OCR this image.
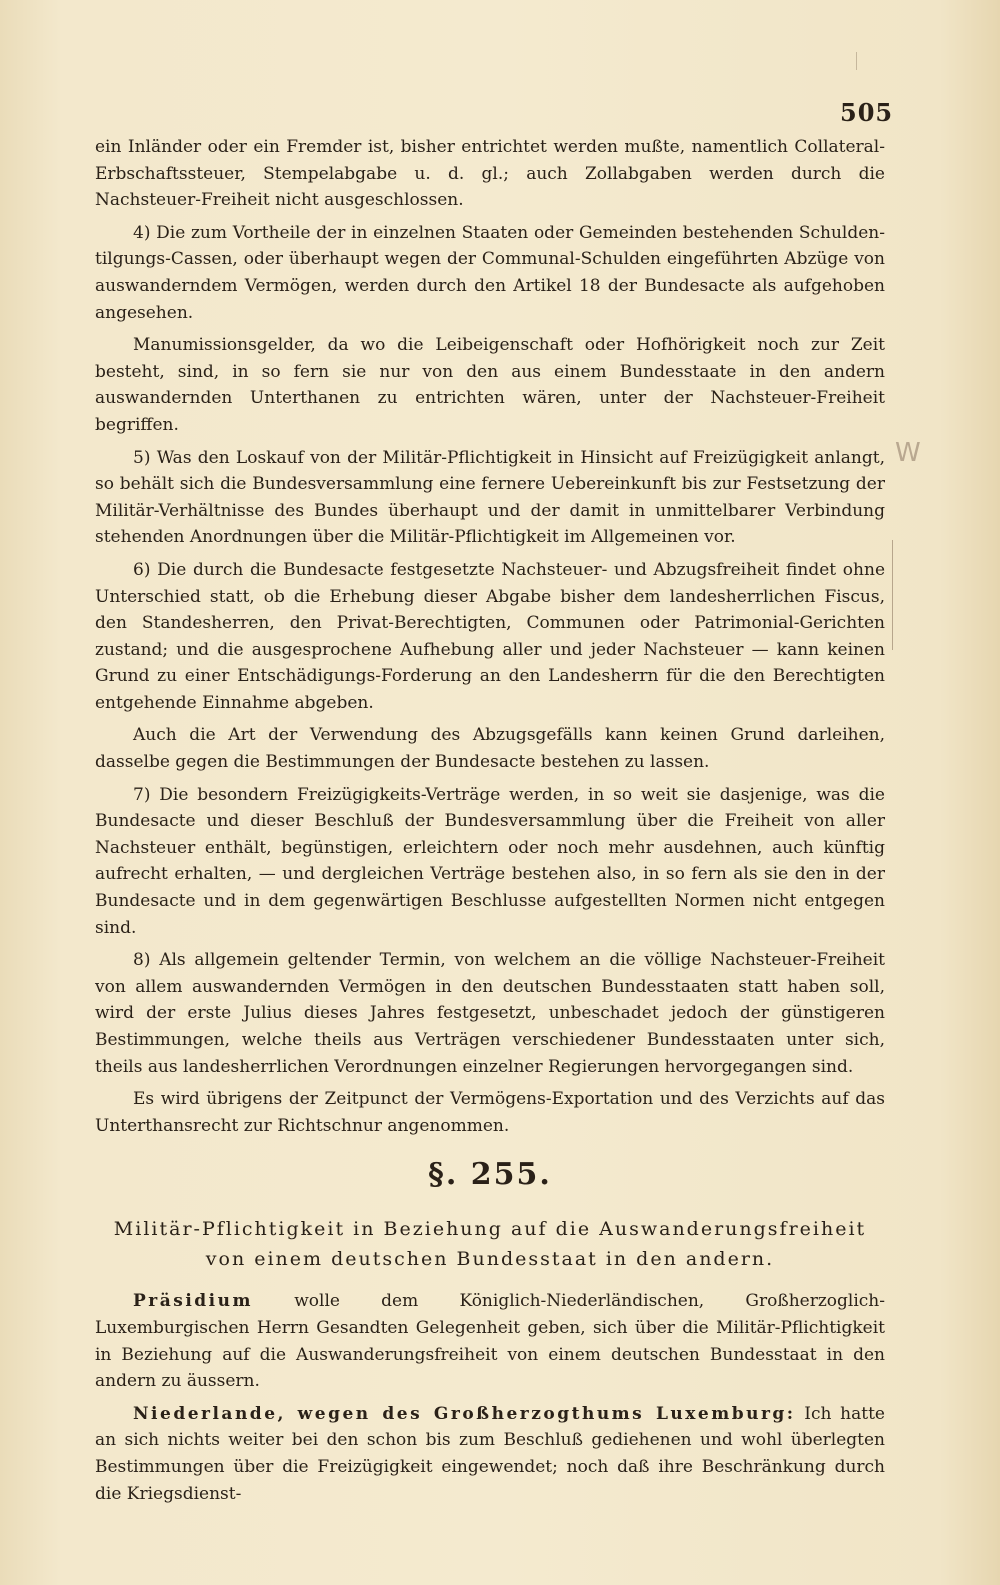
505
W

ein Inländer oder ein Fremder ist, bisher entrichtet werden mußte, namentlich Collateral-Erbschaftssteuer, Stempelabgabe u. d. gl.; auch Zollabgaben werden durch die Nachsteuer-Freiheit nicht ausgeschlossen.

4) Die zum Vortheile der in einzelnen Staaten oder Gemeinden bestehenden Schulden-tilgungs-Cassen, oder überhaupt wegen der Communal-Schulden eingeführten Abzüge von auswanderndem Vermögen, werden durch den Artikel 18 der Bundesacte als aufgehoben angesehen.

Manumissionsgelder, da wo die Leibeigenschaft oder Hofhörigkeit noch zur Zeit besteht, sind, in so fern sie nur von den aus einem Bundesstaate in den andern auswandernden Unterthanen zu entrichten wären, unter der Nachsteuer-Freiheit begriffen.

5) Was den Loskauf von der Militär-Pflichtigkeit in Hinsicht auf Freizügigkeit anlangt, so behält sich die Bundesversammlung eine fernere Uebereinkunft bis zur Festsetzung der Militär-Verhältnisse des Bundes überhaupt und der damit in unmittelbarer Verbindung stehenden Anordnungen über die Militär-Pflichtigkeit im Allgemeinen vor.

6) Die durch die Bundesacte festgesetzte Nachsteuer- und Abzugsfreiheit findet ohne Unterschied statt, ob die Erhebung dieser Abgabe bisher dem landesherrlichen Fiscus, den Standesherren, den Privat-Berechtigten, Communen oder Patrimonial-Gerichten zustand; und die ausgesprochene Aufhebung aller und jeder Nachsteuer — kann keinen Grund zu einer Entschädigungs-Forderung an den Landesherrn für die den Berechtigten entgehende Einnahme abgeben.

Auch die Art der Verwendung des Abzugsgefälls kann keinen Grund darleihen, dasselbe gegen die Bestimmungen der Bundesacte bestehen zu lassen.

7) Die besondern Freizügigkeits-Verträge werden, in so weit sie dasjenige, was die Bundesacte und dieser Beschluß der Bundesversammlung über die Freiheit von aller Nachsteuer enthält, begünstigen, erleichtern oder noch mehr ausdehnen, auch künftig aufrecht erhalten, — und dergleichen Verträge bestehen also, in so fern als sie den in der Bundesacte und in dem gegenwärtigen Beschlusse aufgestellten Normen nicht entgegen sind.

8) Als allgemein geltender Termin, von welchem an die völlige Nachsteuer-Freiheit von allem auswandernden Vermögen in den deutschen Bundesstaaten statt haben soll, wird der erste Julius dieses Jahres festgesetzt, unbeschadet jedoch der günstigeren Bestimmungen, welche theils aus Verträgen verschiedener Bundesstaaten unter sich, theils aus landesherrlichen Verordnungen einzelner Regierungen hervorgegangen sind.

Es wird übrigens der Zeitpunct der Vermögens-Exportation und des Verzichts auf das Unterthansrecht zur Richtschnur angenommen.

§. 255.
Militär-Pflichtigkeit in Beziehung auf die Auswanderungsfreiheit
von einem deutschen Bundesstaat in den andern.

Präsidium wolle dem Königlich-Niederländischen, Großherzoglich-Luxemburgischen Herrn Gesandten Gelegenheit geben, sich über die Militär-Pflichtigkeit in Beziehung auf die Auswanderungsfreiheit von einem deutschen Bundesstaat in den andern zu äussern.

Niederlande, wegen des Großherzogthums Luxemburg: Ich hatte an sich nichts weiter bei den schon bis zum Beschluß gediehenen und wohl überlegten Bestimmungen über die Freizügigkeit eingewendet; noch daß ihre Beschränkung durch die Kriegsdienst-
